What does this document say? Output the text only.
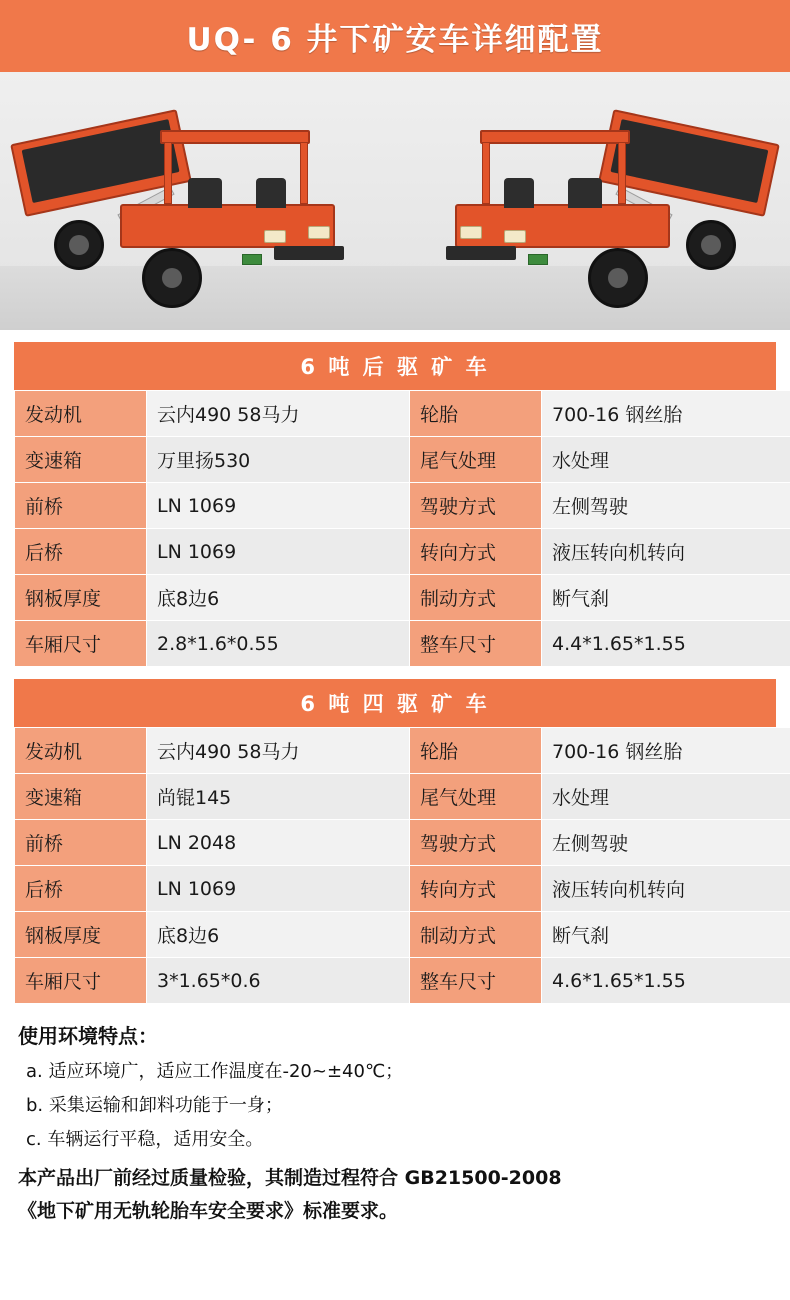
UQ- 6 井下矿安车详细配置
6 吨 后 驱 矿 车
发动机	云内490 58马力	轮胎	700-16 钢丝胎
变速箱	万里扬530	尾气处理	水处理
前桥	LN 1069	驾驶方式	左侧驾驶
后桥	LN 1069	转向方式	液压转向机转向
钢板厚度	底8边6	制动方式	断气刹
车厢尺寸	2.8*1.6*0.55	整车尺寸	4.4*1.65*1.55
6 吨 四 驱 矿 车
发动机	云内490 58马力	轮胎	700-16 钢丝胎
变速箱	尚锟145	尾气处理	水处理
前桥	LN 2048	驾驶方式	左侧驾驶
后桥	LN 1069	转向方式	液压转向机转向
钢板厚度	底8边6	制动方式	断气刹
车厢尺寸	3*1.65*0.6	整车尺寸	4.6*1.65*1.55
使用环境特点：
a. 适应环境广，适应工作温度在-20~±40℃；
b. 采集运输和卸料功能于一身；
c. 车辆运行平稳，适用安全。
本产品出厂前经过质量检验，其制造过程符合 GB21500-2008
《地下矿用无轨轮胎车安全要求》标准要求。
